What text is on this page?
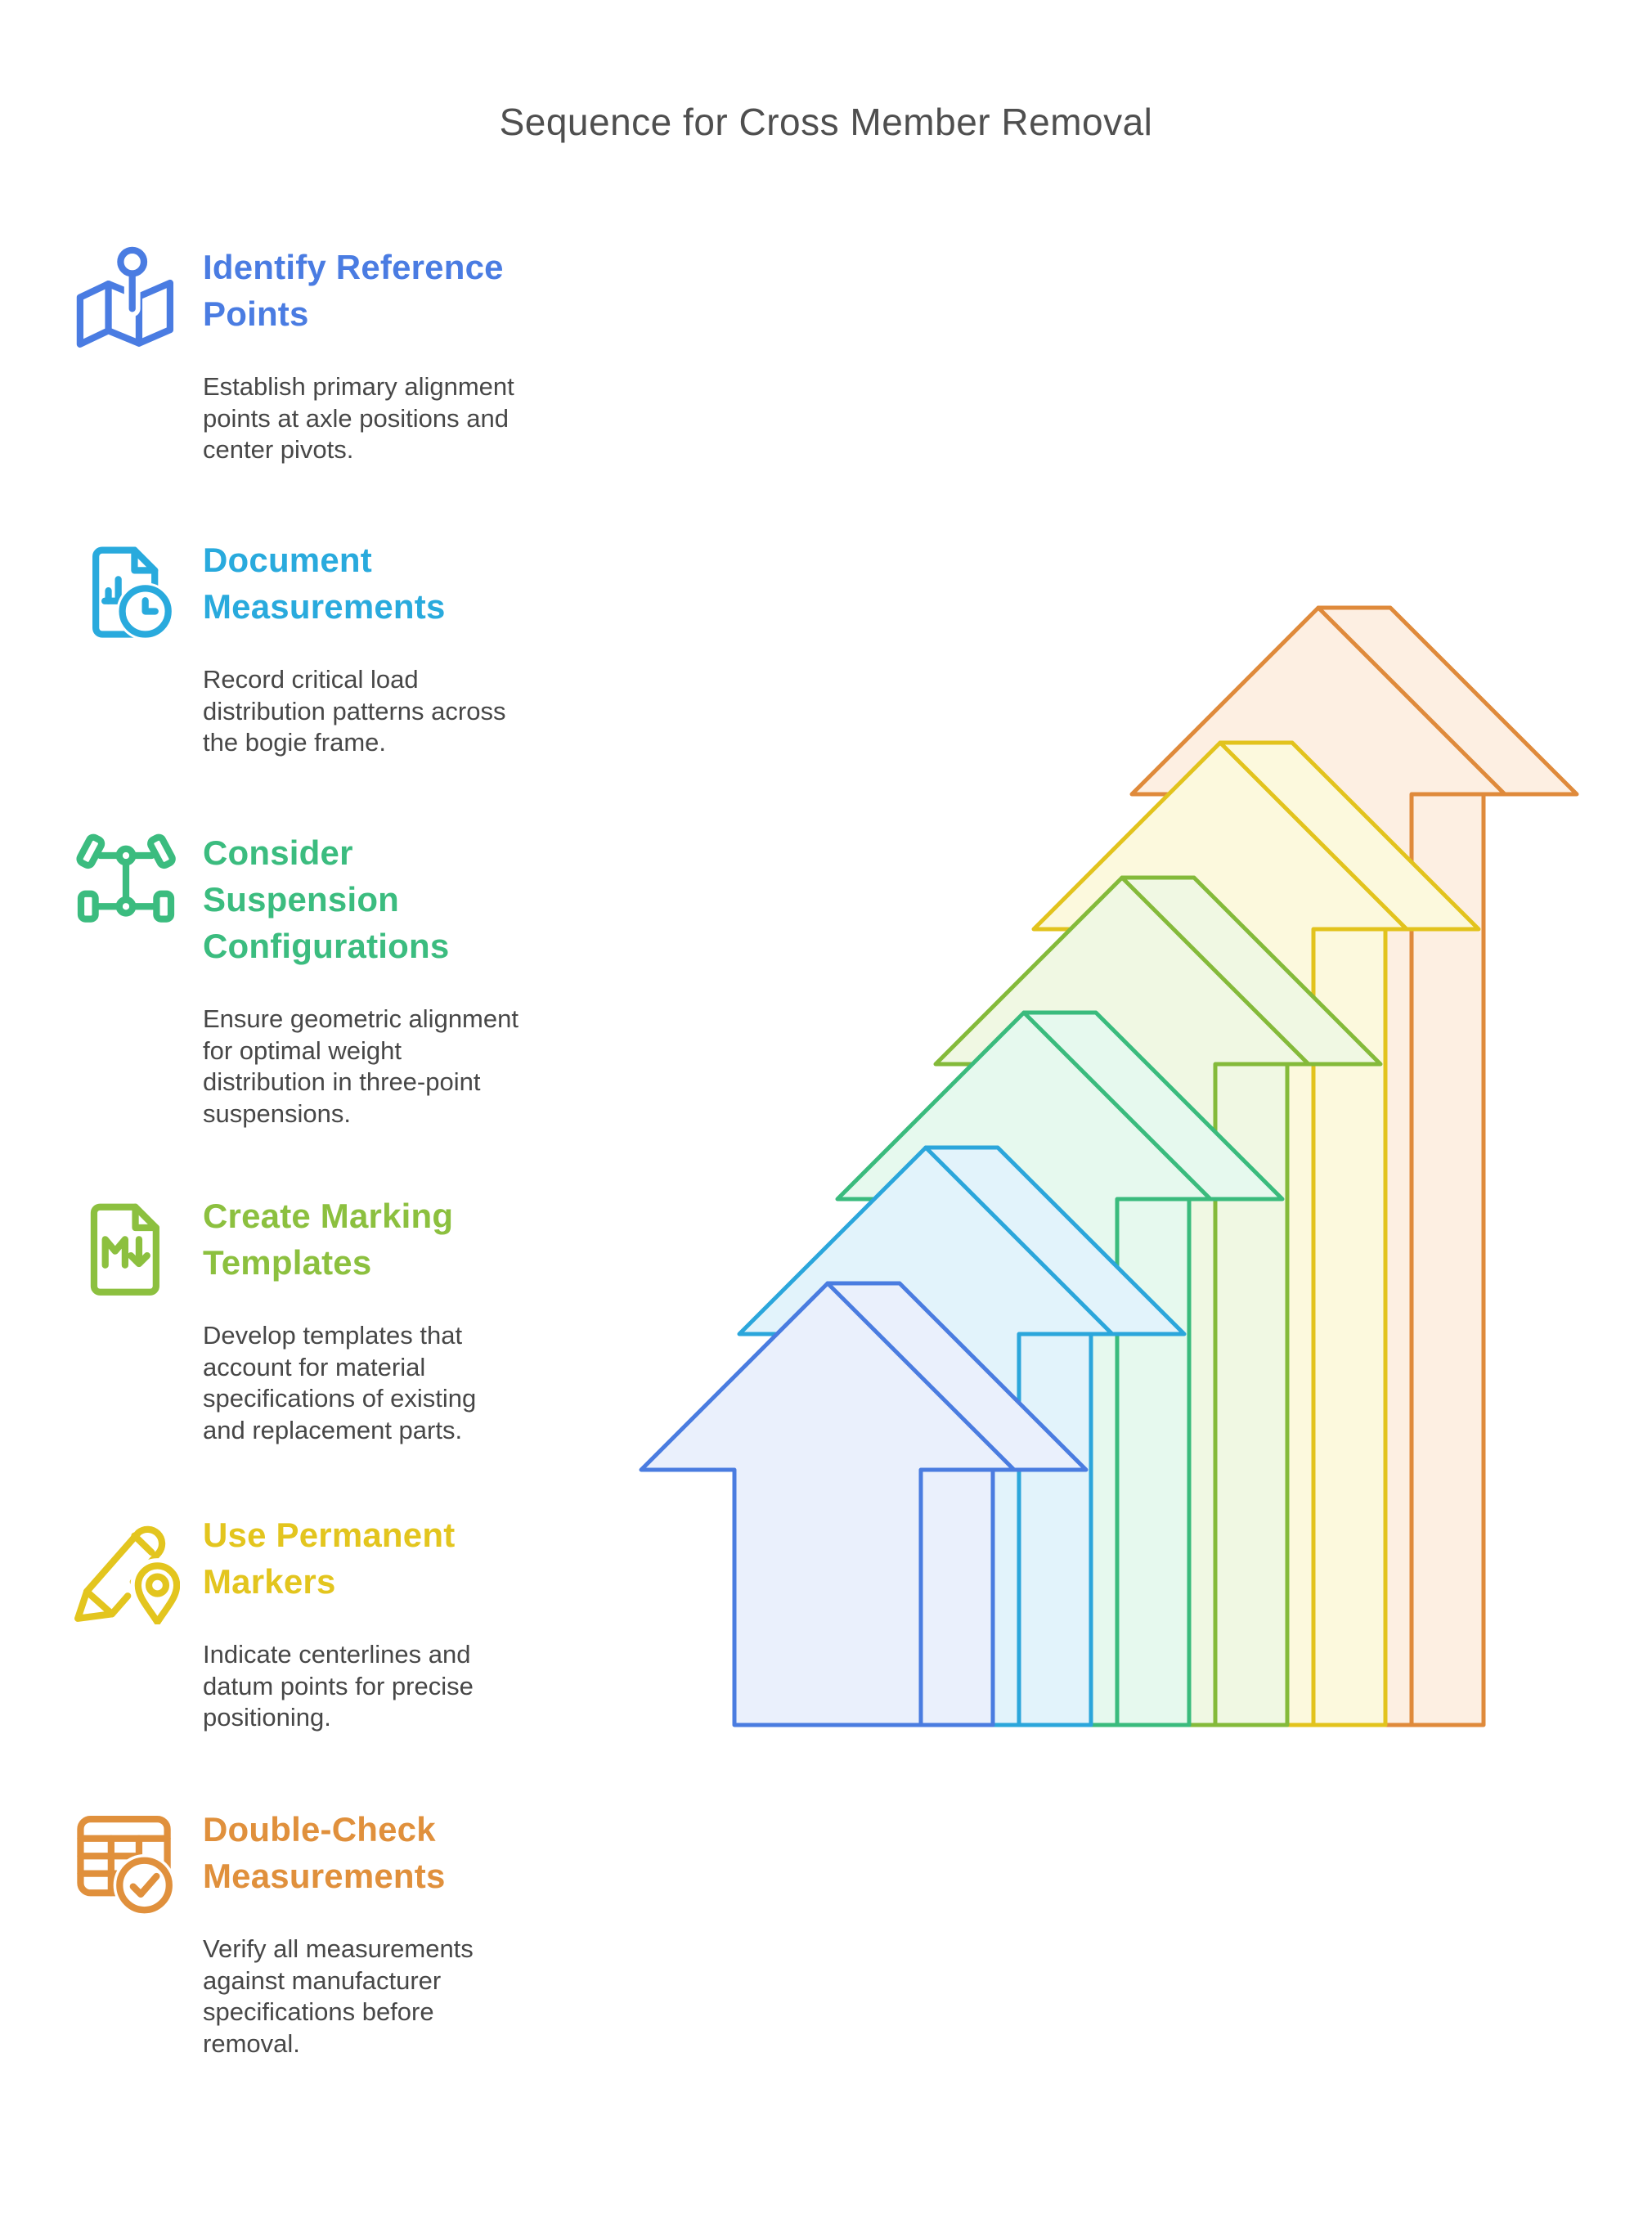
Sequence for Cross Member Removal
Identify Reference
Points
Establish primary alignment
points at axle positions and
center pivots.
Document
Measurements
Record critical load
distribution patterns across
the bogie frame.
Consider
Suspension
Configurations
Ensure geometric alignment
for optimal weight
distribution in three-point
suspensions.
Create Marking
Templates
Develop templates that
account for material
specifications of existing
and replacement parts.
Use Permanent
Markers
Indicate centerlines and
datum points for precise
positioning.
Double-Check
Measurements
Verify all measurements
against manufacturer
specifications before
removal.
